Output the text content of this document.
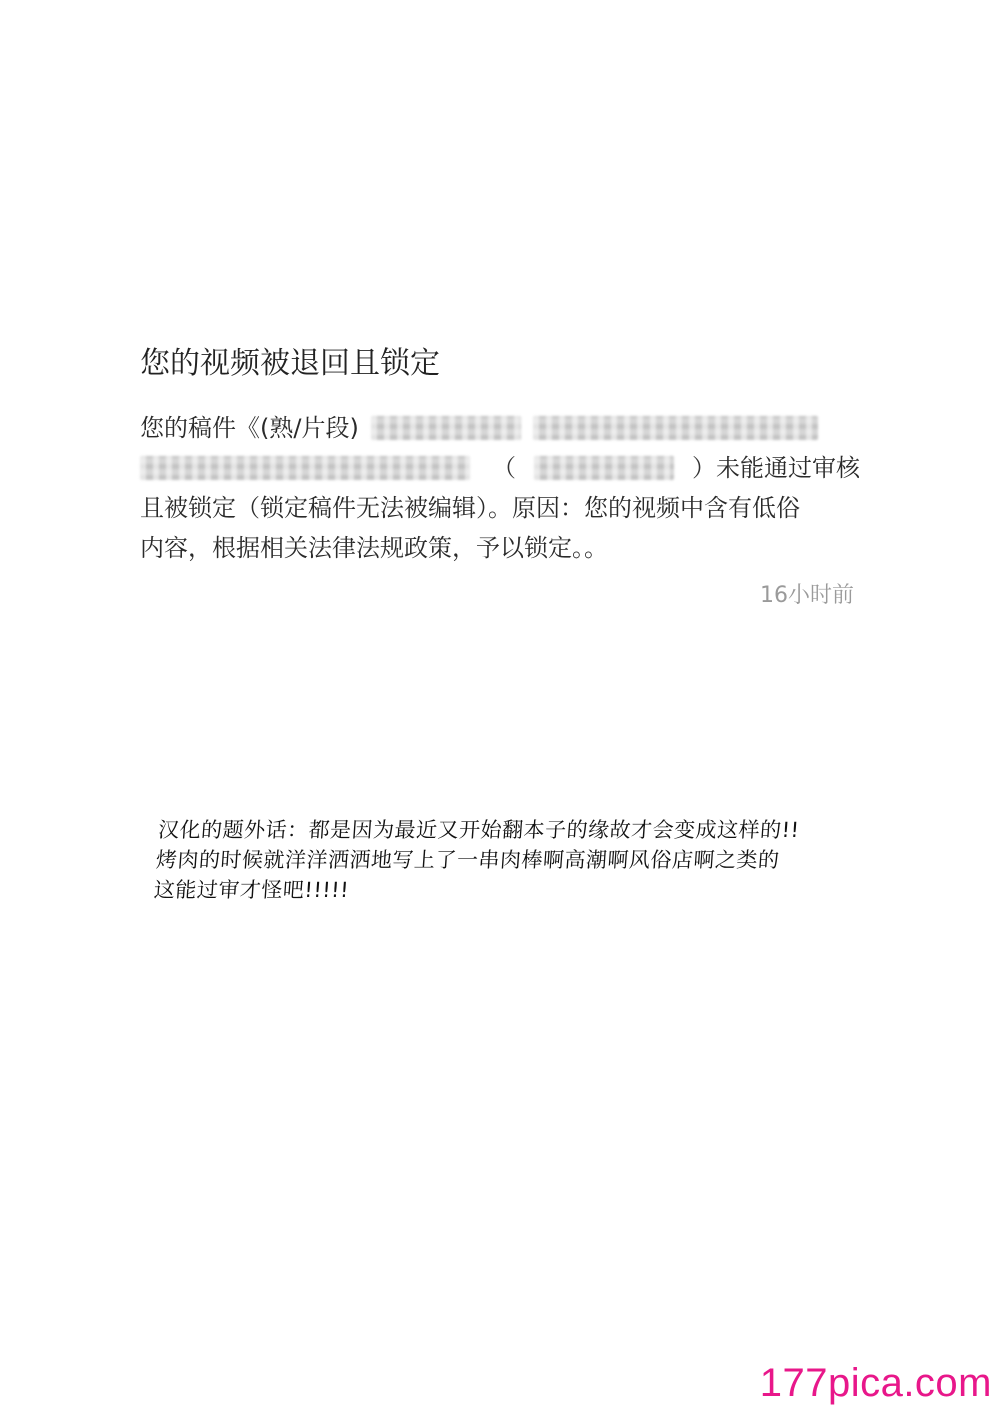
您的视频被退回且锁定
您的稿件《(熟/片段)
（	）未能通过审核
且被锁定（锁定稿件无法被编辑）。原因：您的视频中含有低俗
内容，根据相关法律法规政策，予以锁定。。
16小时前
汉化的题外话：都是因为最近又开始翻本子的缘故才会变成这样的!!
烤肉的时候就洋洋洒洒地写上了一串肉棒啊高潮啊风俗店啊之类的
这能过审才怪吧!!!!!
177pica.com
